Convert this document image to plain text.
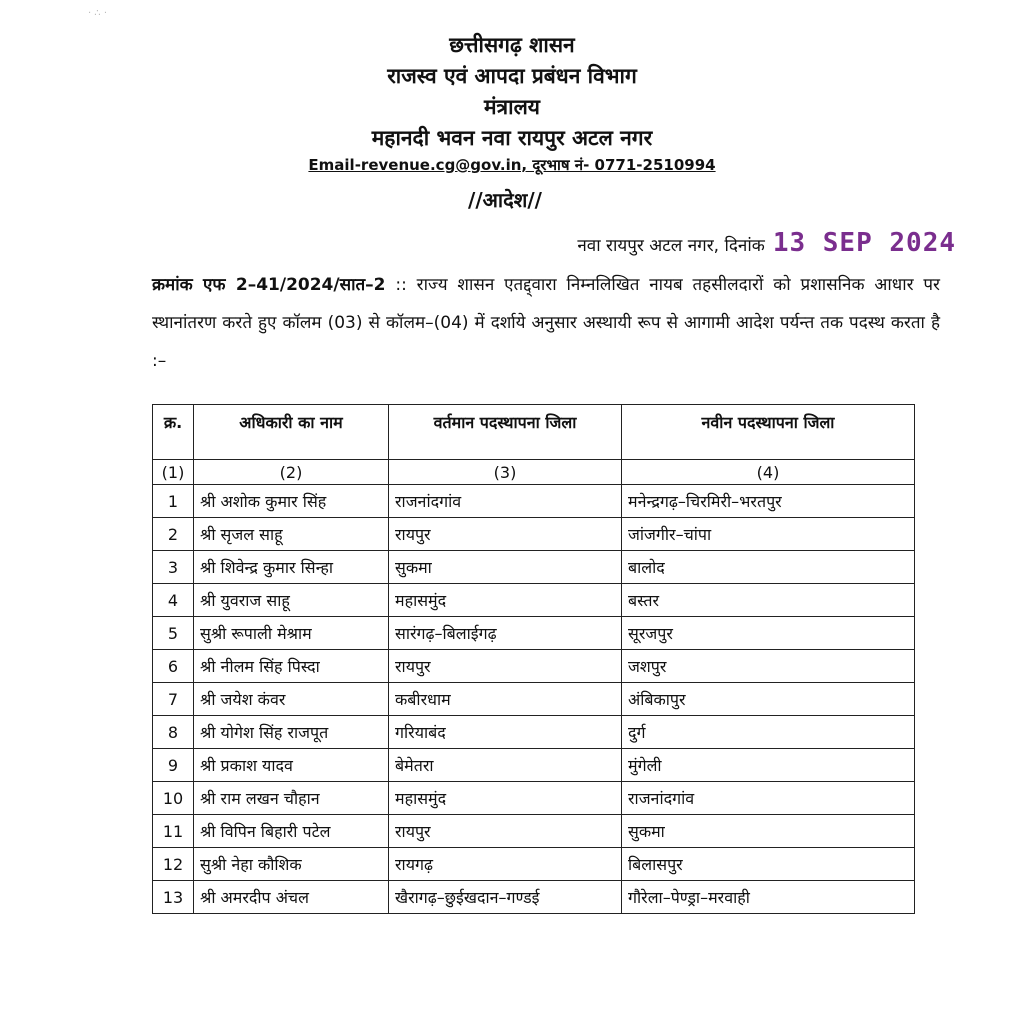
· ∴ ·
छत्तीसगढ़ शासन
राजस्व एवं आपदा प्रबंधन विभाग
मंत्रालय
महानदी भवन नवा रायपुर अटल नगर
Email-revenue.cg@gov.in, दूरभाष नं- 0771-2510994
//आदेश//
नवा रायपुर अटल नगर, दिनांक 13 SEP 2024
क्रमांक एफ 2–41/2024/सात–2 :: राज्य शासन एतद्द्वारा निम्नलिखित नायब तहसीलदारों को प्रशासनिक आधार पर स्थानांतरण करते हुए कॉलम (03) से कॉलम–(04) में दर्शाये अनुसार अस्थायी रूप से आगामी आदेश पर्यन्त तक पदस्थ करता है :–
क्र.	अधिकारी का नाम	वर्तमान पदस्थापना जिला	नवीन पदस्थापना जिला
(1)	(2)	(3)	(4)
1	श्री अशोक कुमार सिंह	राजनांदगांव	मनेन्द्रगढ़–चिरमिरी–भरतपुर
2	श्री सृजल साहू	रायपुर	जांजगीर–चांपा
3	श्री शिवेन्द्र कुमार सिन्हा	सुकमा	बालोद
4	श्री युवराज साहू	महासमुंद	बस्तर
5	सुश्री रूपाली मेश्राम	सारंगढ़–बिलाईगढ़	सूरजपुर
6	श्री नीलम सिंह पिस्दा	रायपुर	जशपुर
7	श्री जयेश कंवर	कबीरधाम	अंबिकापुर
8	श्री योगेश सिंह राजपूत	गरियाबंद	दुर्ग
9	श्री प्रकाश यादव	बेमेतरा	मुंगेली
10	श्री राम लखन चौहान	महासमुंद	राजनांदगांव
11	श्री विपिन बिहारी पटेल	रायपुर	सुकमा
12	सुश्री नेहा कौशिक	रायगढ़	बिलासपुर
13	श्री अमरदीप अंचल	खैरागढ़–छुईखदान–गण्डई	गौरेला–पेण्ड्रा–मरवाही
